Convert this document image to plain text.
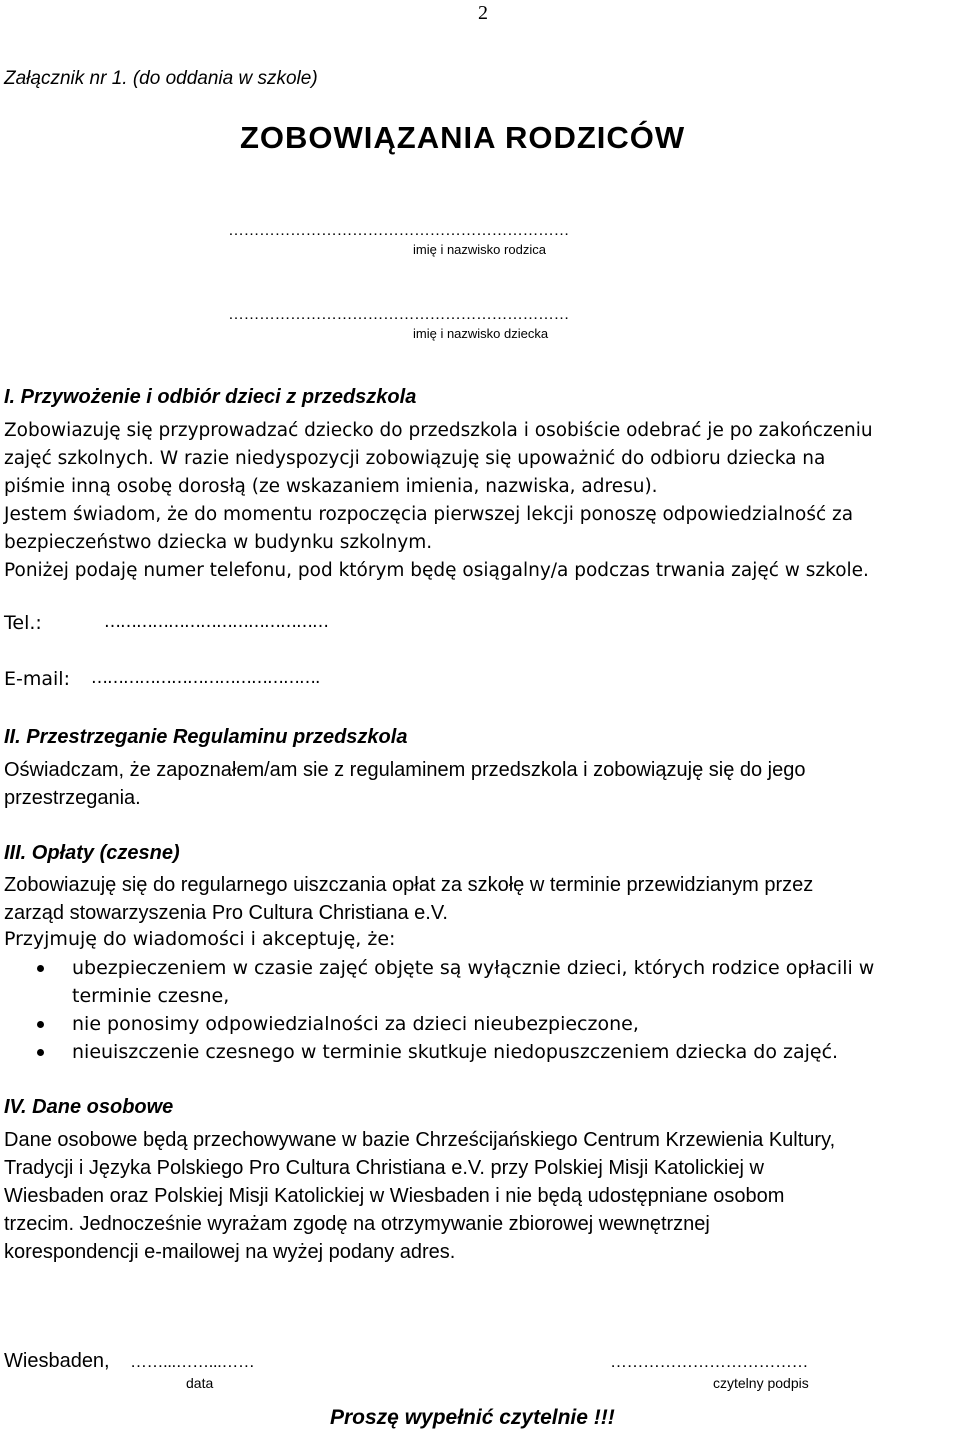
2
Załącznik nr 1. (do oddania w szkole)
ZOBOWIĄZANIA RODZICÓW
…………………………………………………………
imię i nazwisko rodzica
…………………………………………………………
imię i nazwisko dziecka
I. Przywożenie i odbiór dzieci z przedszkola
Zobowiazuję się przyprowadzać dziecko do przedszkola i osobiście odebrać je po zakończeniu
zajęć szkolnych. W razie niedyspozycji zobowiązuję się upoważnić do odbioru dziecka na
piśmie inną osobę dorosłą (ze wskazaniem imienia, nazwiska, adresu).
Jestem świadom, że do momentu rozpoczęcia pierwszej lekcji ponoszę odpowiedzialność za
bezpieczeństwo dziecka w budynku szkolnym.
Poniżej podaję numer telefonu, pod którym będę osiągalny/a podczas trwania zajęć w szkole.
Tel.:	……………………………………
E-mail: …………………………………….
II. Przestrzeganie Regulaminu przedszkola
Oświadczam, że zapoznałem/am sie z regulaminem przedszkola i zobowiązuję się do jego
przestrzegania.
III. Opłaty (czesne)
Zobowiazuję się do regularnego uiszczania opłat za szkołę w terminie przewidzianym przez
zarząd stowarzyszenia Pro Cultura Christiana e.V.
Przyjmuję do wiadomości i akceptuję, że:
ubezpieczeniem w czasie zajęć objęte są wyłącznie dzieci, których rodzice opłacili w
terminie czesne,
nie ponosimy odpowiedzialności za dzieci nieubezpieczone,
nieuiszczenie czesnego w terminie skutkuje niedopuszczeniem dziecka do zajęć.
IV. Dane osobowe
Dane osobowe będą przechowywane w bazie Chrześcijańskiego Centrum Krzewienia Kultury,
Tradycji i Języka Polskiego Pro Cultura Christiana e.V. przy Polskiej Misji Katolickiej w
Wiesbaden oraz Polskiej Misji Katolickiej w Wiesbaden i nie będą udostępniane osobom
trzecim. Jednocześnie wyrażam zgodę na otrzymywanie zbiorowej wewnętrznej
korespondencji e-mailowej na wyżej podany adres.
Wiesbaden, ……...……...……
data
………………………………
czytelny podpis
Proszę wypełnić czytelnie !!!
